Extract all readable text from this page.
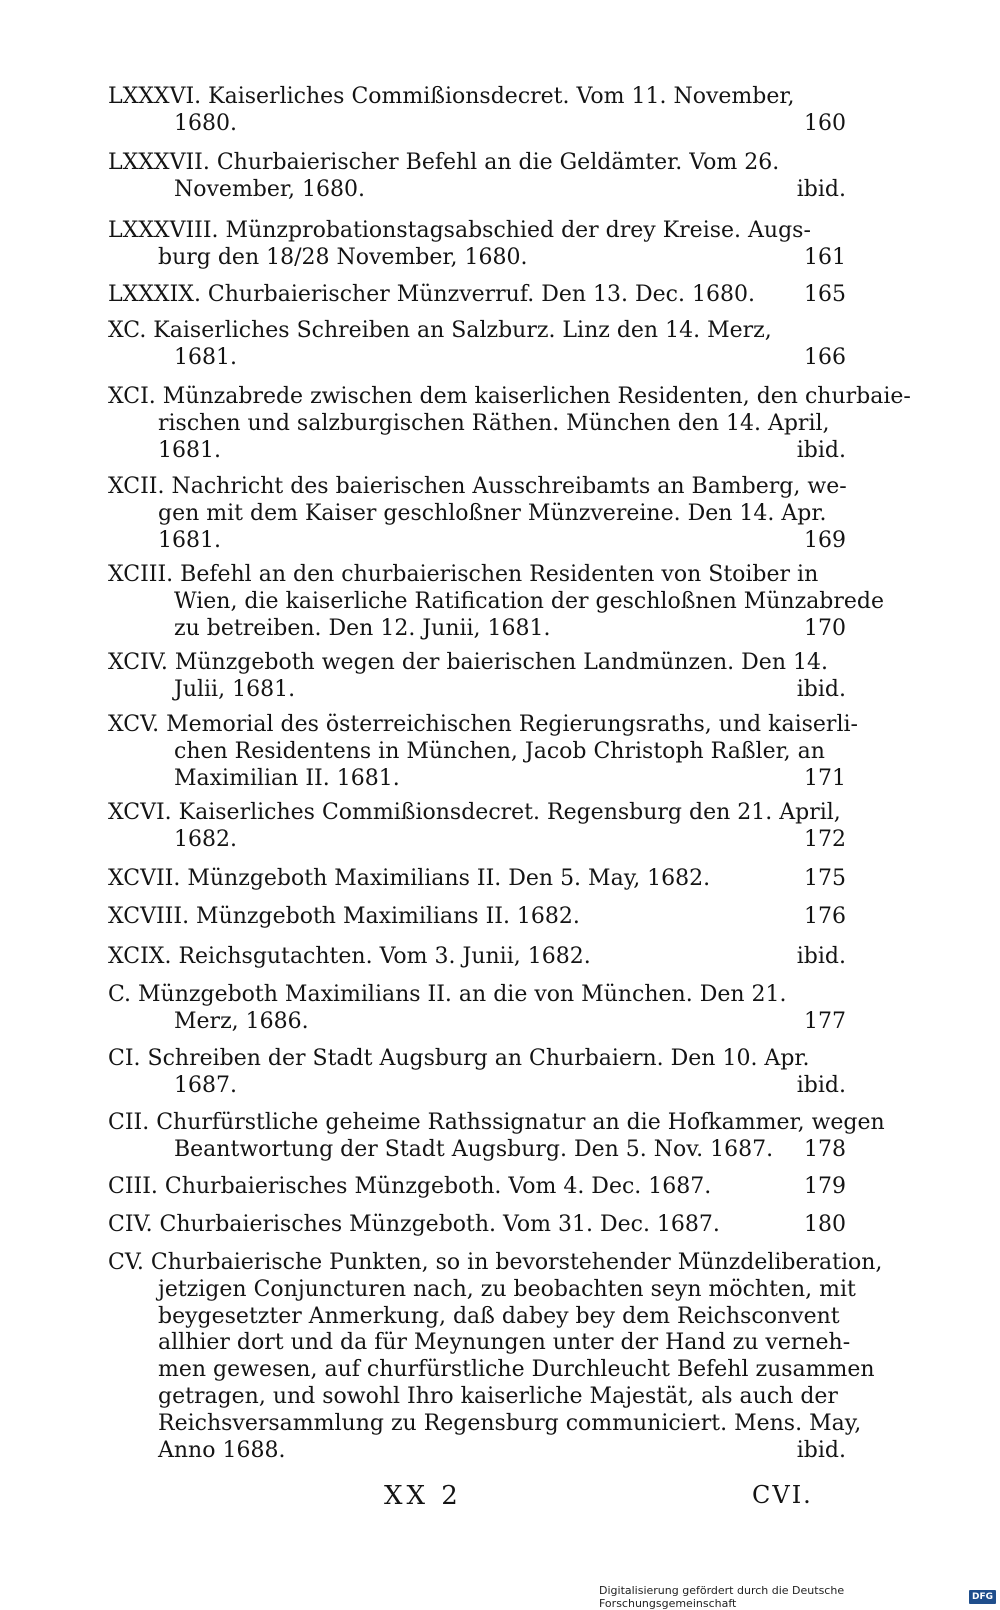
LXXXVI. Kaiserliches Commißionsdecret. Vom 11. November,
1680.	160
LXXXVII. Churbaierischer Befehl an die Geldämter. Vom 26.
November, 1680.	ibid.
LXXXVIII. Münzprobationstagsabschied der drey Kreise. Augs-
burg den 18/28 November, 1680.	161
LXXXIX. Churbaierischer Münzverruf. Den 13. Dec. 1680.	165
XC. Kaiserliches Schreiben an Salzburz. Linz den 14. Merz,
1681.	166
XCI. Münzabrede zwischen dem kaiserlichen Residenten, den churbaie-
rischen und salzburgischen Räthen. München den 14. April,
1681.	ibid.
XCII. Nachricht des baierischen Ausschreibamts an Bamberg, we-
gen mit dem Kaiser geschloßner Münzvereine. Den 14. Apr.
1681.	169
XCIII. Befehl an den churbaierischen Residenten von Stoiber in
Wien, die kaiserliche Ratification der geschloßnen Münzabrede
zu betreiben. Den 12. Junii, 1681.	170
XCIV. Münzgeboth wegen der baierischen Landmünzen. Den 14.
Julii, 1681.	ibid.
XCV. Memorial des österreichischen Regierungsraths, und kaiserli-
chen Residentens in München, Jacob Christoph Raßler, an
Maximilian II. 1681.	171
XCVI. Kaiserliches Commißionsdecret. Regensburg den 21. April,
1682.	172
XCVII. Münzgeboth Maximilians II. Den 5. May, 1682.	175
XCVIII. Münzgeboth Maximilians II. 1682.	176
XCIX. Reichsgutachten. Vom 3. Junii, 1682.	ibid.
C. Münzgeboth Maximilians II. an die von München. Den 21.
Merz, 1686.	177
CI. Schreiben der Stadt Augsburg an Churbaiern. Den 10. Apr.
1687.	ibid.
CII. Churfürstliche geheime Rathssignatur an die Hofkammer, wegen
Beantwortung der Stadt Augsburg. Den 5. Nov. 1687.	178
CIII. Churbaierisches Münzgeboth. Vom 4. Dec. 1687.	179
CIV. Churbaierisches Münzgeboth. Vom 31. Dec. 1687.	180
CV. Churbaierische Punkten, so in bevorstehender Münzdeliberation,
jetzigen Conjuncturen nach, zu beobachten seyn möchten, mit
beygesetzter Anmerkung, daß dabey bey dem Reichsconvent
allhier dort und da für Meynungen unter der Hand zu verneh-
men gewesen, auf churfürstliche Durchleucht Befehl zusammen
getragen, und sowohl Ihro kaiserliche Majestät, als auch der
Reichsversammlung zu Regensburg communiciert. Mens. May,
Anno 1688.	ibid.
XX 2	CVI.
Digitalisierung gefördert durch die Deutsche Forschungsgemeinschaft	DFG
